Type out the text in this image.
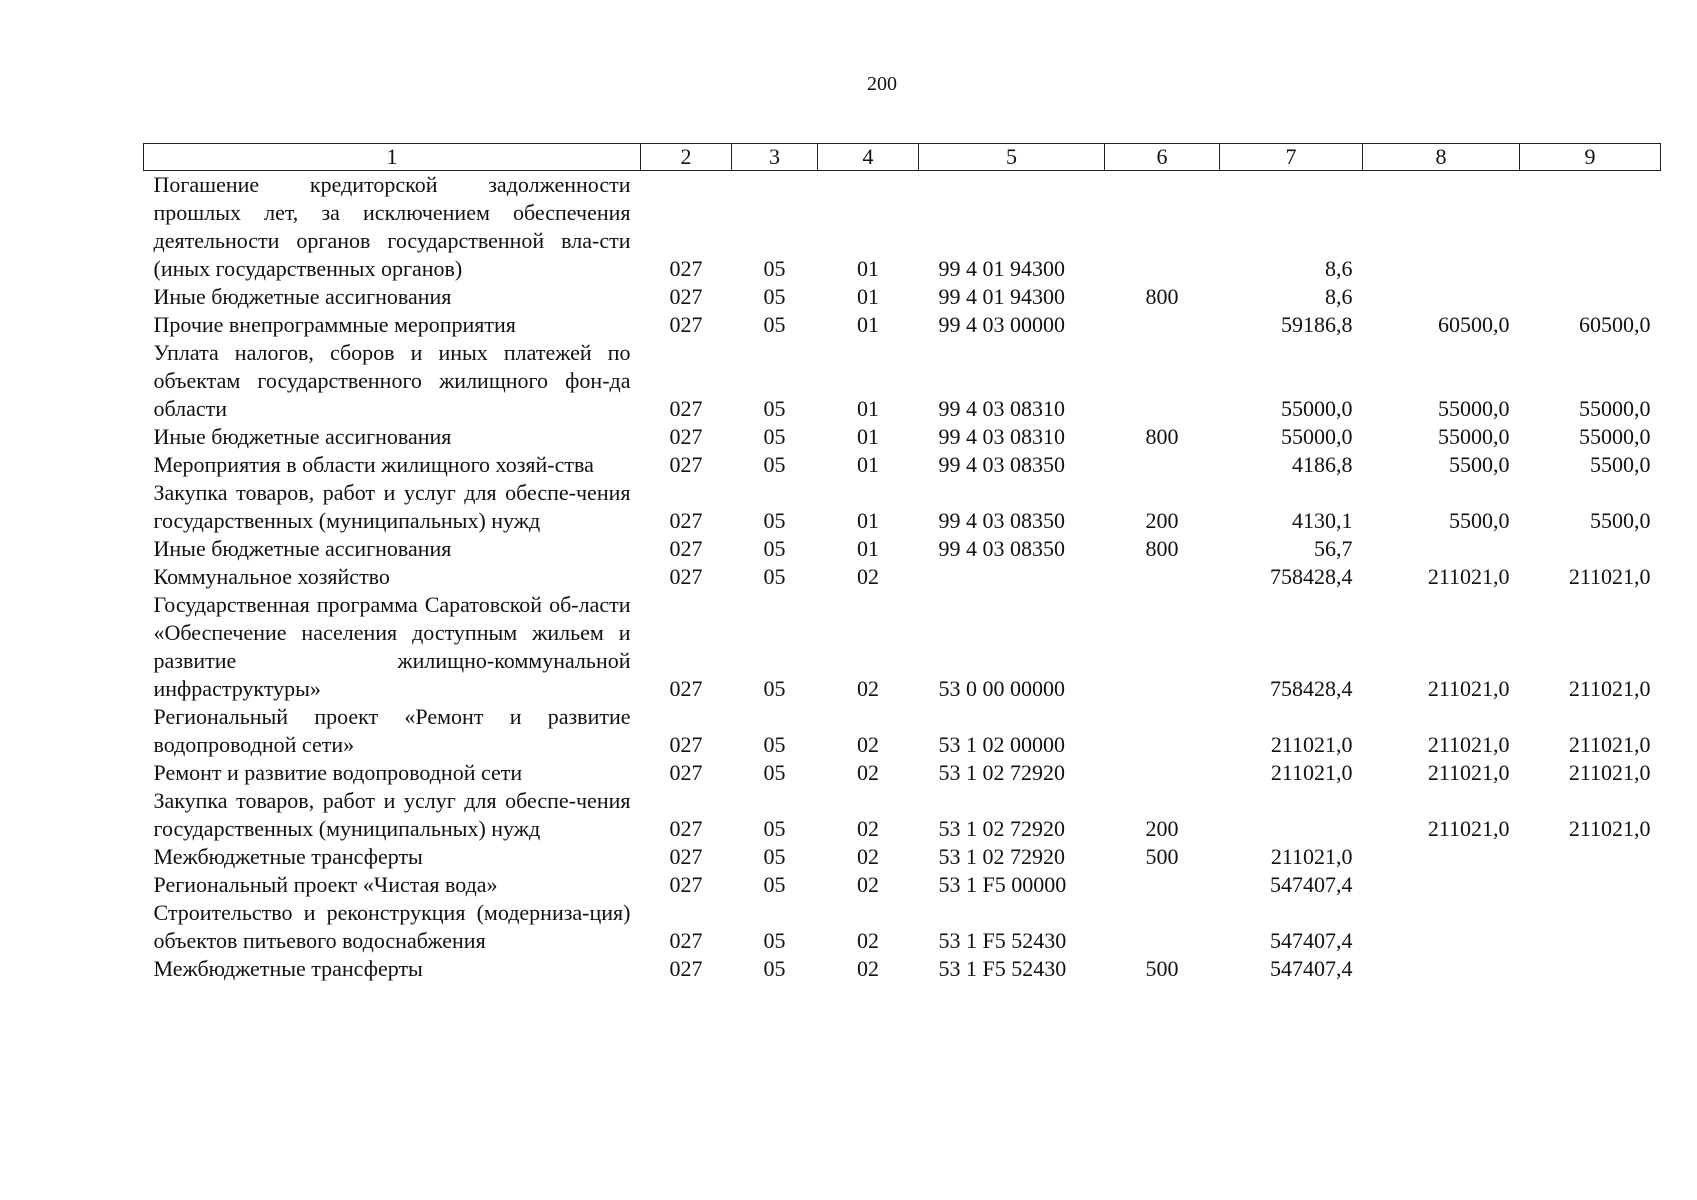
200
1	2	3	4	5	6	7	8	9
Погашение кредиторской задолженности прошлых лет, за исключением обеспечения деятельности органов государственной вла-сти (иных государственных органов)	027	05	01	99 4 01 94300		8,6		
Иные бюджетные ассигнования	027	05	01	99 4 01 94300	800	8,6		
Прочие внепрограммные мероприятия	027	05	01	99 4 03 00000		59186,8	60500,0	60500,0
Уплата налогов, сборов и иных платежей по объектам государственного жилищного фон-да области	027	05	01	99 4 03 08310		55000,0	55000,0	55000,0
Иные бюджетные ассигнования	027	05	01	99 4 03 08310	800	55000,0	55000,0	55000,0
Мероприятия в области жилищного хозяй-ства	027	05	01	99 4 03 08350		4186,8	5500,0	5500,0
Закупка товаров, работ и услуг для обеспе-чения государственных (муниципальных) нужд	027	05	01	99 4 03 08350	200	4130,1	5500,0	5500,0
Иные бюджетные ассигнования	027	05	01	99 4 03 08350	800	56,7		
Коммунальное хозяйство	027	05	02			758428,4	211021,0	211021,0
Государственная программа Саратовской об-ласти «Обеспечение населения доступным жильем и развитие жилищно-коммунальной инфраструктуры»	027	05	02	53 0 00 00000		758428,4	211021,0	211021,0
Региональный проект «Ремонт и развитие водопроводной сети»	027	05	02	53 1 02 00000		211021,0	211021,0	211021,0
Ремонт и развитие водопроводной сети	027	05	02	53 1 02 72920		211021,0	211021,0	211021,0
Закупка товаров, работ и услуг для обеспе-чения государственных (муниципальных) нужд	027	05	02	53 1 02 72920	200		211021,0	211021,0
Межбюджетные трансферты	027	05	02	53 1 02 72920	500	211021,0		
Региональный проект «Чистая вода»	027	05	02	53 1 F5 00000		547407,4		
Строительство и реконструкция (модерниза-ция) объектов питьевого водоснабжения	027	05	02	53 1 F5 52430		547407,4		
Межбюджетные трансферты	027	05	02	53 1 F5 52430	500	547407,4		
